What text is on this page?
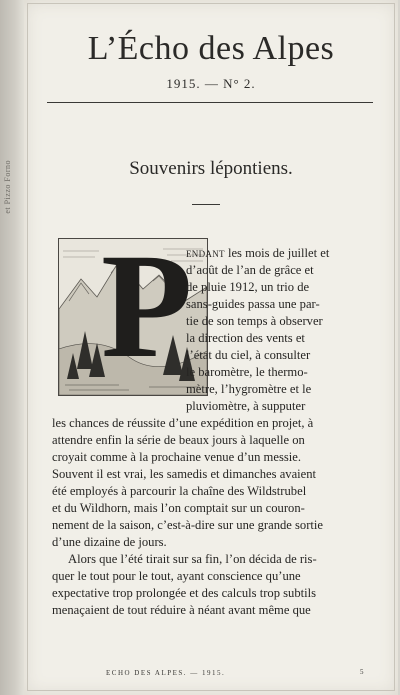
et Pizzo Forno
L’Écho des Alpes
1915. — N° 2.
Souvenirs lépontiens.
P
endant les mois de juillet et
d’août de l’an de grâce et
de pluie 1912, un trio de
sans-guides passa une par-
tie de son temps à observer
la direction des vents et
l’état du ciel, à consulter
le baromètre, le thermo-
mètre, l’hygromètre et le
pluviomètre, à supputer
les chances de réussite d’une expédition en projet, à
attendre enfin la série de beaux jours à laquelle on
croyait comme à la prochaine venue d’un messie.
Souvent il est vrai, les samedis et dimanches avaient
été employés à parcourir la chaîne des Wildstrubel
et du Wildhorn, mais l’on comptait sur un couron-
nement de la saison, c’est-à-dire sur une grande sortie
d’une dizaine de jours.
Alors que l’été tirait sur sa fin, l’on décida de ris-
quer le tout pour le tout, ayant conscience qu’une
expectative trop prolongée et des calculs trop subtils
menaçaient de tout réduire à néant avant même que
ECHO DES ALPES. — 1915.	5
